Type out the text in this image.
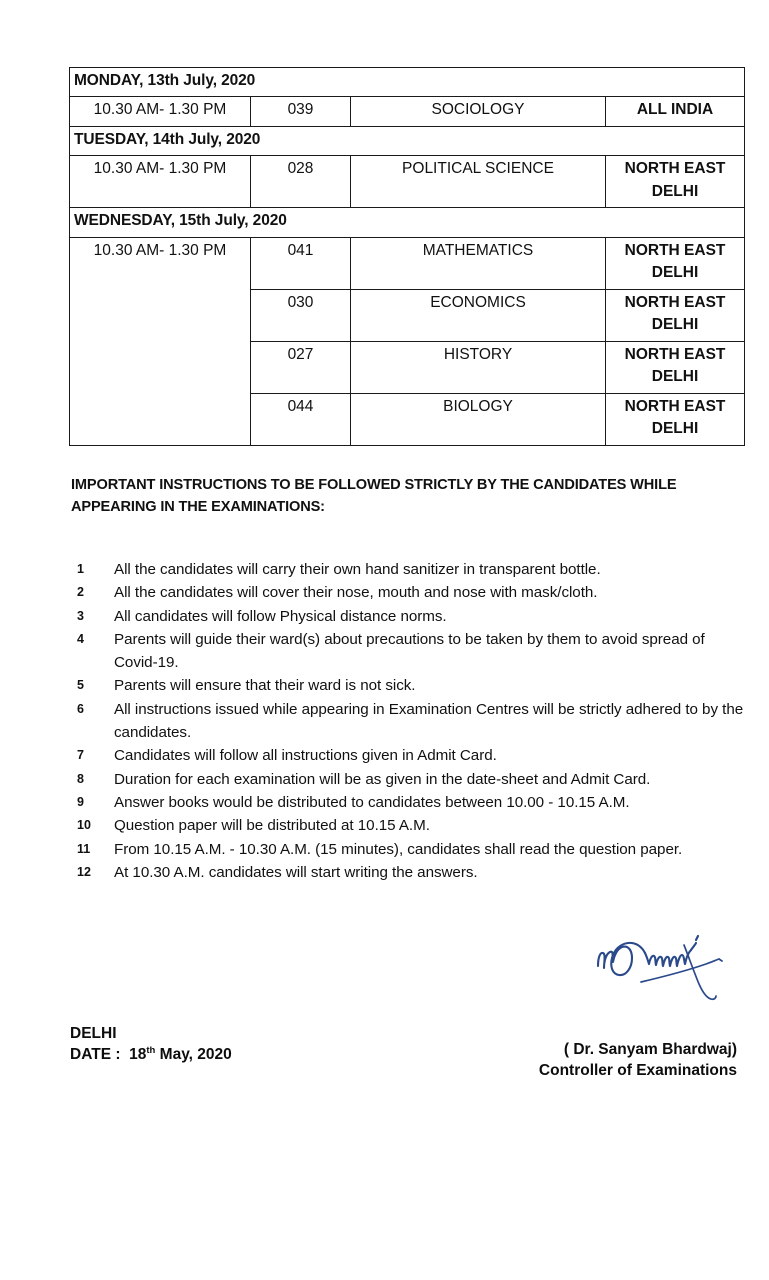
MONDAY, 13th July, 2020			
10.30 AM- 1.30 PM	039	SOCIOLOGY	ALL INDIA
TUESDAY, 14th July, 2020			
10.30 AM- 1.30 PM	028	POLITICAL SCIENCE	NORTH EAST DELHI
WEDNESDAY, 15th July, 2020			
10.30 AM- 1.30 PM	041	MATHEMATICS	NORTH EAST DELHI
	030	ECONOMICS	NORTH EAST DELHI
	027	HISTORY	NORTH EAST DELHI
	044	BIOLOGY	NORTH EAST DELHI
IMPORTANT INSTRUCTIONS TO BE FOLLOWED STRICTLY BY THE CANDIDATES WHILE APPEARING IN THE EXAMINATIONS:
1	All the candidates will carry their own hand sanitizer in transparent bottle.
2	All the candidates will cover their nose, mouth and nose with mask/cloth.
3	All candidates will follow Physical distance norms.
4	Parents will guide their ward(s) about precautions to be taken by them to avoid spread of Covid-19.
5	Parents will ensure that their ward is not sick.
6	All instructions issued while appearing in Examination Centres will be strictly adhered to by the candidates.
7	Candidates will follow all instructions given in Admit Card.
8	Duration for each examination will be as given in the date-sheet and Admit Card.
9	Answer books would be distributed to candidates between 10.00 - 10.15 A.M.
10	Question paper will be distributed at 10.15 A.M.
11	From 10.15 A.M. - 10.30 A.M. (15 minutes), candidates shall read the question paper.
12	At 10.30 A.M. candidates will start writing the answers.
DELHI
DATE : 18th May, 2020	( Dr. Sanyam Bhardwaj)
Controller of Examinations
